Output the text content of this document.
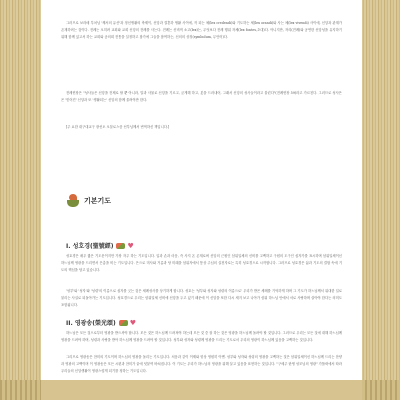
그러므로 보라매 부처님 '께서의 유산'과 정신생활의 축제이, 신앙과 결혼하 생활 사이에, 작 되는 체(lex credendi)와 기도하는 체(lex orandi)와 사는 체(lex vivendi) 사이에, 신앙과 관계가 존재하려는 것이다. 전례는 오히려 교회와 교회 신앙의 전례를 사는다. 전례는 신비적 소고(lex)는, 무엇보다 전례 행위 자체(lex fontes,초대)다. 아니지만, 자리(전례)와 공연한 신앙성을 유지하기 위해 함께 있고서 하는 교회와 공의회 전통을 설정하고 참가에 그들을 참여하는, 신의의 상징(symbolum, 무언어)다.

전례헌장은 "성사들은 신앙을 전제로 할 뿐 아니라, 말과 사물로 신앙을 기르고, 굳게해 하고, 봇을 드러내어, 그래서 신앙의 성사들이라고 불린다"(전례헌장 59)라고 가르친다. 그러므로 성사은은 '믿어진' 신앙과 또 '생활되는' 신앙의 함께 울려야만 한다.

[주 요한 대구대교구 장선오 오블로스즘 선부님께서 번역하신 책입니다.]

기본기도
I. 성호경(聖號經) ♥

성호경은 매우 짧은 기도문이지만 가장 자주 하는 기도입니다. 입과 손과 마음, 즉 사지 온 존재로써 신앙의 근원인 삼위일체의 신비를 고백하고 구원의 도구인 십자가를 표시하며 삼위일체이신 하느님께 영광을 드리면서 은총을 비는 기도입니다. 은으로 미사와 거름과 당 미래을 삼위자에서 통상 주님의 실천자로는 특히 성호경으로 시작합니다. 그러므로 성호경은 삶과 기도의 결합 속에 기도의 핵심을 담고 있습니다.

'성부'와 '성자'와 '성령'의 이름으로 십자를 긋는 것은 세례성사를 상기하게 합니다. 성호는 '성부와 성자와 성령의 이름으로' 우리가 받은 세례를 기억하게 하며 그 기도가 하느님께서 위대한 일로 불리는 사실로 되돌아가는 기도입니다. 성호경으로 우리는 삼위일체 신비에 신앙을 두고 있기 때문에 이 신앙을 또한 다시 새겨 보고 나아가 삼위 하느님 안에서 서로 사랑하며 살아야 한다는 의미도 포함됩니다.

II. 영광송(榮光頌) ♥

하느님은 모든 것으로부터 영광을 받으셔야 합니다. 모든 것은 하느님께 드려져야 하는데 모든 것 중 잘 하는 것은 영광을 하느님께 돌려야 할 것입니다. 그러므로 우리는 모든 것에 대해 하느님께 영광을 드려야 하며, 성령과 사랑을 받아 하느님께 영광을 드려야 할 것입니다. 성부와 성자와 성령께 영광을 드리는 기도로서 우리의 영광이 하느님께 있음을 고백하는 것입니다.

그리므로 영광송은 찬미의 기도이며 하느님의 영광을 돌리는 기도입니다. 처음과 같이 이제와 항상 영원히 아멘. 성부와 성자와 성령의 영광을 고백하는 것은 삼위일체이신 하느님께 드리는 찬양과 영광의 고백이며 이 영광송은 모든 시편과 찬미가 끝에 덧붙여 바쳐집니다. 이 기도는 우리가 하느님의 영광을 위해 살고 있음을 표현하는 것입니다. "구세주 탄생 성모님의 영광" 가톨릭에서 따라 우리들의 신앙생활이 영광스럽게 되기를 청하는 기도입니다.
